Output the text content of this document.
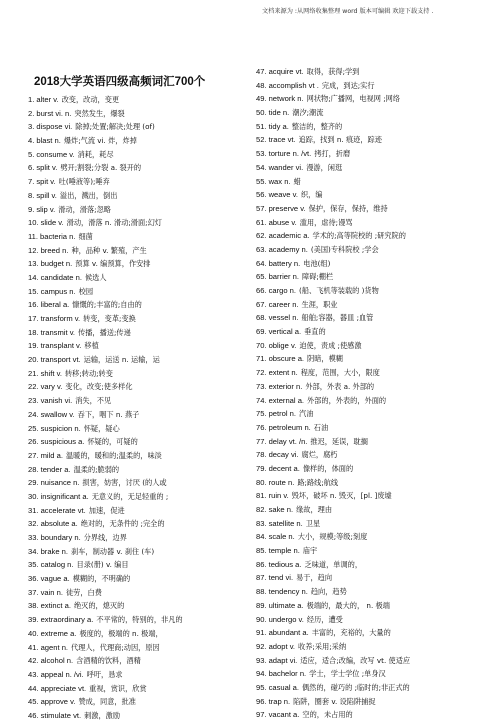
文档来源为 :从网络收集整理 word 版本可编辑 欢迎下载支持 .
2018大学英语四级高频词汇700个
1 . alter v. 改变，改动，变更
2 . burst vi. n. 突然发生，爆裂
3 . dispose vi. 除掉;处置;解决;处理 (of)
4 . blast n. 爆炸;气流 vi. 炸，炸掉
5 . consume v. 消耗，耗尽
6 . split v. 劈开;割裂;分裂 a. 裂开的
7 . spit v. 吐(唾液等);唾弃
8 . spill v. 溢出，溅出，倒出
9 . slip v. 滑动，滑落;忽略
10 . slide v. 滑动，滑落 n. 滑动;滑面;幻灯
11 . bacteria n. 细菌
12 . breed n. 种，品种 v. 繁殖，产生
13 . budget n. 预算 v. 编预算，作安排
14 . candidate n. 候选人
15 . campus n. 校园
16 . liberal a. 慷慨的;丰富的;自由的
17 . transform v. 转变，变革;变换
18 . transmit v. 传播，播送;传递
19 . transplant v. 移植
20 . transport vt. 运输，运送 n. 运输，运
21 . shift v. 转移;转动;转变
22 . vary v. 变化，改变;使多样化
23 . vanish vi. 消失，不见
24 . swallow v. 吞下，咽下 n. 燕子
25 . suspicion n. 怀疑，疑心
26 . suspicious a. 怀疑的，可疑的
27 . mild a. 温暖的，暖和的;温柔的，味淡
28 . tender a. 温柔的;脆弱的
29 . nuisance n. 损害，妨害，讨厌 (的人或
30 . insignificant a. 无意义的，无足轻重的 ;
31 . accelerate vt. 加速，促进
32 . absolute a. 绝对的，无条件的 ;完全的
33 . boundary n. 分界线，边界
34 . brake n. 刹车，制动器 v. 刹住 (车)
35 . catalog n. 目录(册) v. 编目
36 . vague a. 模糊的，不明确的
37 . vain n. 徒劳，白费
38 . extinct a. 绝灭的，熄灭的
39 . extraordinary a. 不平常的，特别的，非凡的
40 . extreme a. 极度的，极端的 n. 极端，
41 . agent n. 代理人，代理商;动因，原因
42 . alcohol n. 含酒精的饮料，酒精
43 . appeal n. /vi. 呼吁，恳求
44 . appreciate vt. 重视，赏识，欣赏
45 . approve v. 赞成，同意，批准
46 . stimulate vt. 刺激，激励
47 . acquire vt. 取得，获得;学到
48 . accomplish vt . 完成，到达;实行
49 . network n. 网状物;广播网，电视网 ;网络
50 . tide n. 潮汐;潮流
51 . tidy a. 整洁的，整齐的
52 . trace vt. 追踪，找到 n. 痕迹，踪迹
53 . torture n. /vt. 拷打，折磨
54 . wander vi. 漫游，闲逛
55 . wax n. 蜡
56 . weave v. 织，编
57 . preserve v. 保护，保存，保持，维持
61 . abuse v. 滥用，虐待;谩骂
62 . academic a. 学术的;高等院校的 ;研究院的
63 . academy n. (美国)专科院校 ;学会
64 . battery n. 电池(组)
65 . barrier n. 障碍;棚栏
66 . cargo n. (船、飞机等装载的 )货物
67 . career n. 生涯，职业
68 . vessel n. 船舶;容器，器皿 ;血管
69 . vertical a. 垂直的
70 . oblige v. 迫使，责成 ;使感激
71 . obscure a. 阴暗，模糊
72 . extent n. 程度，范围，大小，限度
73 . exterior n. 外部，外表 a. 外部的
74 . external a. 外部的，外表的，外面的
75 . petrol n. 汽油
76 . petroleum n. 石油
77 . delay vt. /n. 推迟，延误，耽搁
78 . decay vi. 腐烂，腐朽
79 . decent a. 像样的，体面的
80 . route n. 路;路线;航线
81 . ruin v. 毁坏，破坏 n. 毁灭，[pl. ]废墟
82 . sake n. 缘故，理由
83 . satellite n. 卫星
84 . scale n. 大小，规模;等级;刻度
85 . temple n. 庙宇
86 . tedious a. 乏味道，单调的，
87 . tend vi. 易于，趋向
88 . tendency n. 趋向，趋势
89 . ultimate a. 极端的，最大的， n. 极端
90 . undergo v. 经历，遭受
91 . abundant a. 丰富的，充裕的，大量的
92 . adopt v. 收养;采用;采纳
93 . adapt vi. 适应，适合;改编，改写 vt. 使适应
94 . bachelor n. 学士，学士学位 ;单身汉
95 . casual a. 偶然的，碰巧的 ;临时的;非正式的
96 . trap n. 陷阱，圈套 v. 设陷阱捕捉
97 . vacant a. 空的，未占用的
